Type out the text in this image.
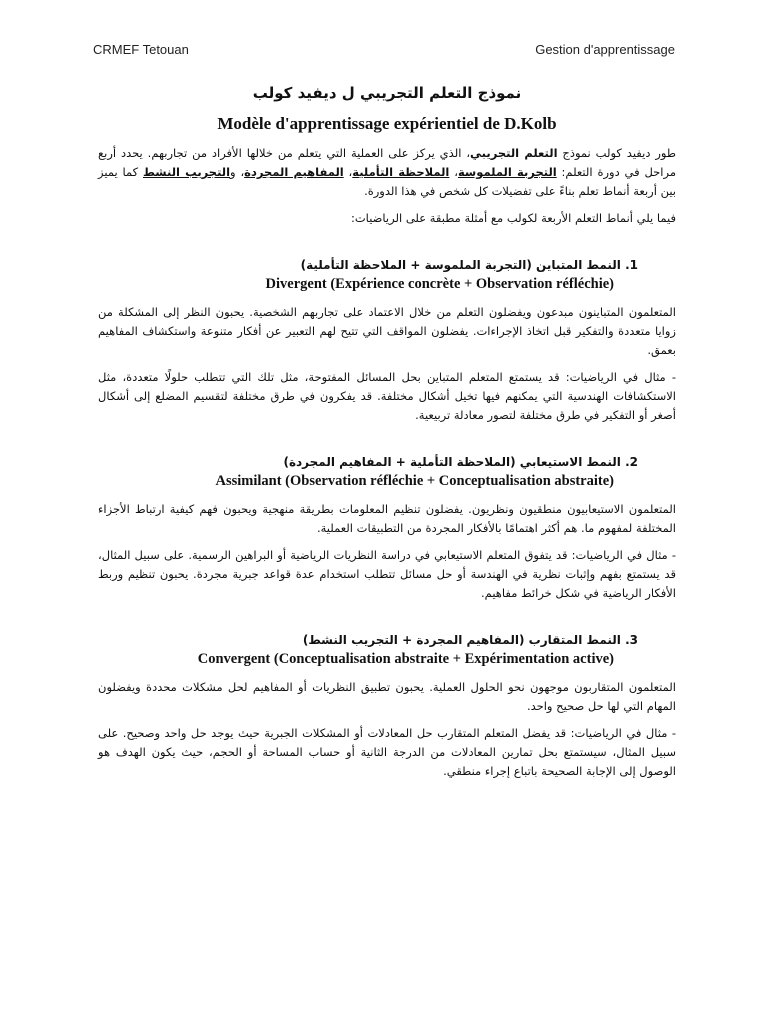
CRMEF Tetouan	Gestion d'apprentissage
نموذج التعلم التجريبي ل ديفيد كولب
Modèle d'apprentissage expérientiel de D.Kolb

طور ديفيد كولب نموذج التعلم التجريبي، الذي يركز على العملية التي يتعلم من خلالها الأفراد من تجاربهم. يحدد أربع مراحل في دورة التعلم: التجربة الملموسة، الملاحظة التأملية، المفاهيم المجردة، والتجريب النشط كما يميز بين أربعة أنماط تعلم بناءً على تفضيلات كل شخص في هذا الدورة.

فيما يلي أنماط التعلم الأربعة لكولب مع أمثلة مطبقة على الرياضيات:

1. النمط المتباين (التجربة الملموسة + الملاحظة التأملية)
Divergent (Expérience concrète + Observation réfléchie)

المتعلمون المتباينون مبدعون ويفضلون التعلم من خلال الاعتماد على تجاربهم الشخصية. يحبون النظر إلى المشكلة من زوايا متعددة والتفكير قبل اتخاذ الإجراءات. يفضلون المواقف التي تتيح لهم التعبير عن أفكار متنوعة واستكشاف المفاهيم بعمق.

- مثال في الرياضيات: قد يستمتع المتعلم المتباين بحل المسائل المفتوحة، مثل تلك التي تتطلب حلولًا متعددة، مثل الاستكشافات الهندسية التي يمكنهم فيها تخيل أشكال مختلفة. قد يفكرون في طرق مختلفة لتقسيم المضلع إلى أشكال أصغر أو التفكير في طرق مختلفة لتصور معادلة تربيعية.

2. النمط الاستيعابي (الملاحظة التأملية + المفاهيم المجردة)
Assimilant (Observation réfléchie + Conceptualisation abstraite)

المتعلمون الاستيعابيون منطقيون ونظريون. يفضلون تنظيم المعلومات بطريقة منهجية ويحبون فهم كيفية ارتباط الأجزاء المختلفة لمفهوم ما. هم أكثر اهتمامًا بالأفكار المجردة من التطبيقات العملية.

- مثال في الرياضيات: قد يتفوق المتعلم الاستيعابي في دراسة النظريات الرياضية أو البراهين الرسمية. على سبيل المثال، قد يستمتع بفهم وإثبات نظرية في الهندسة أو حل مسائل تتطلب استخدام عدة قواعد جبرية مجردة. يحبون تنظيم وربط الأفكار الرياضية في شكل خرائط مفاهيم.

3. النمط المتقارب (المفاهيم المجردة + التجريب النشط)
Convergent (Conceptualisation abstraite + Expérimentation active)

المتعلمون المتقاربون موجهون نحو الحلول العملية. يحبون تطبيق النظريات أو المفاهيم لحل مشكلات محددة ويفضلون المهام التي لها حل صحيح واحد.

- مثال في الرياضيات: قد يفضل المتعلم المتقارب حل المعادلات أو المشكلات الجبرية حيث يوجد حل واحد وصحيح. على سبيل المثال، سيستمتع بحل تمارين المعادلات من الدرجة الثانية أو حساب المساحة أو الحجم، حيث يكون الهدف هو الوصول إلى الإجابة الصحيحة باتباع إجراء منطقي.
